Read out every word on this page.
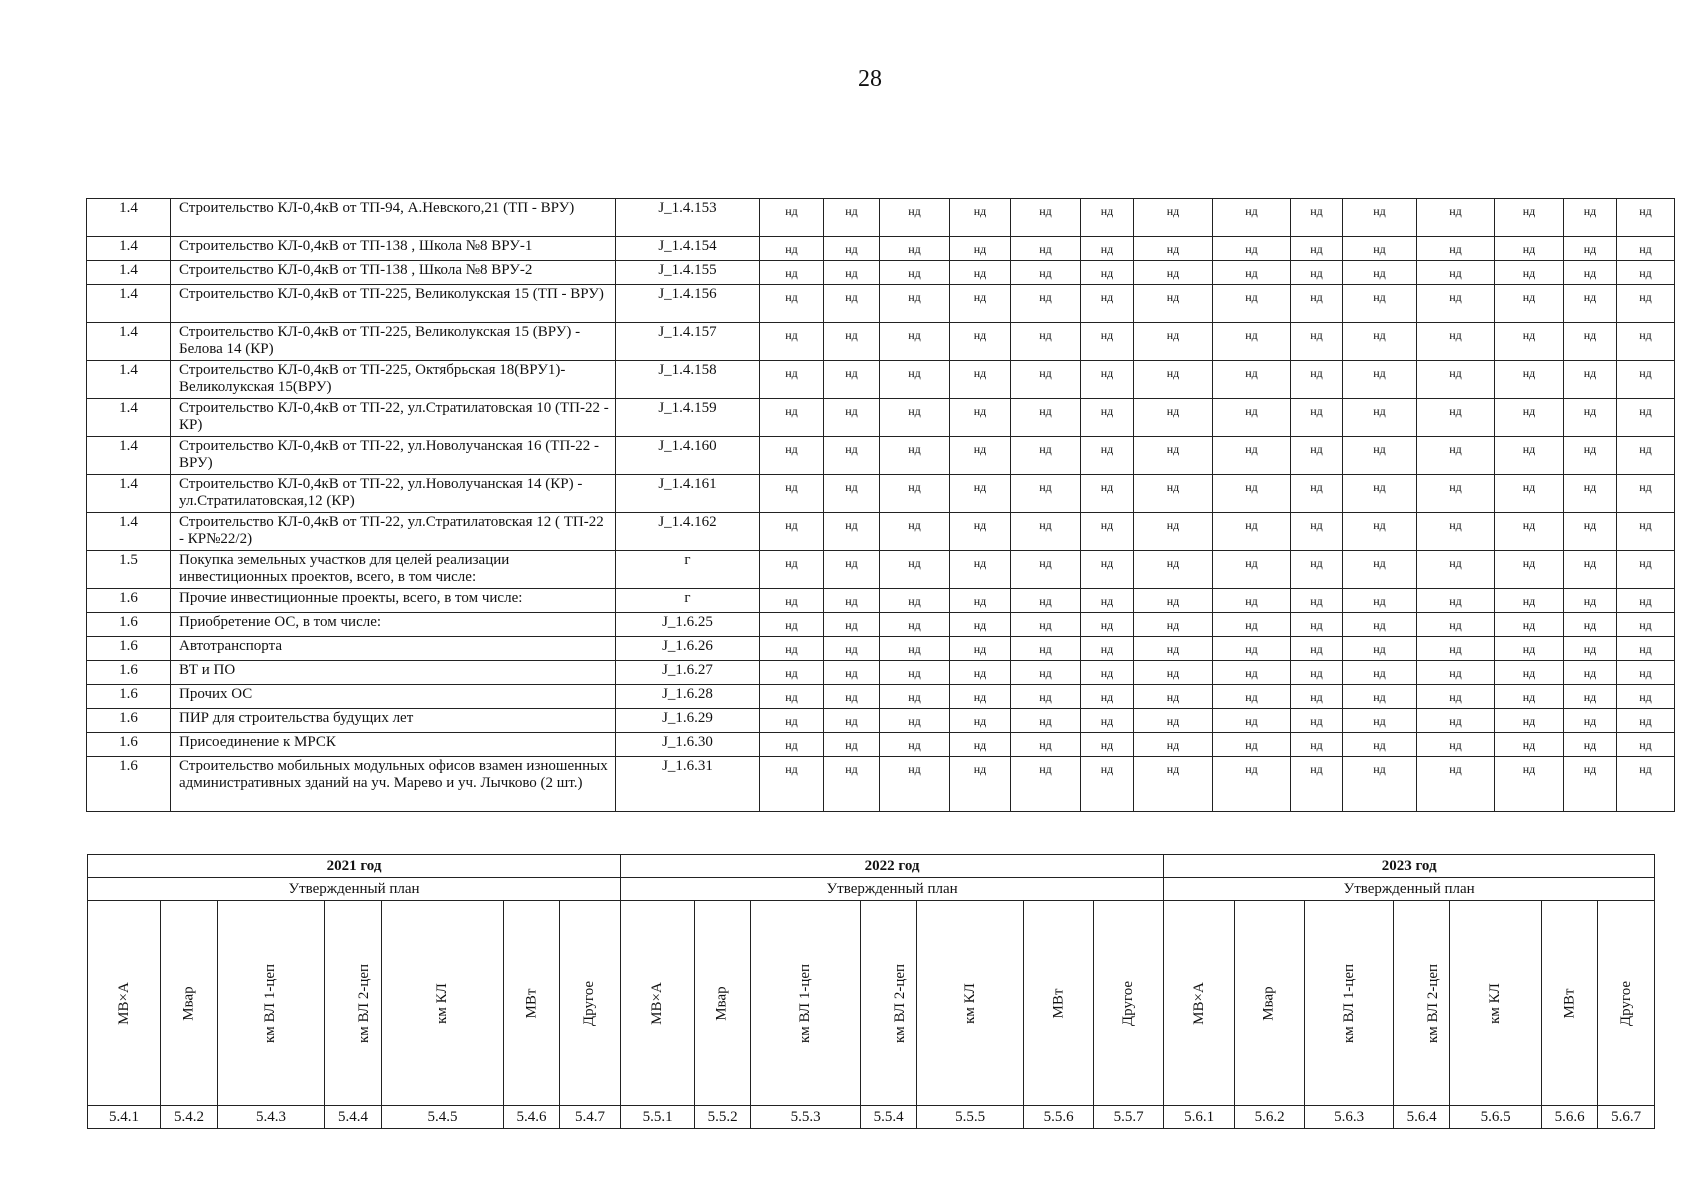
28
1.4	Строительство КЛ-0,4кВ от ТП-94, А.Невского,21 (ТП - ВРУ)	J_1.4.153	нд	нд	нд	нд	нд	нд	нд	нд	нд	нд	нд	нд	нд	нд
1.4	Строительство КЛ-0,4кВ от ТП-138 , Школа №8 ВРУ-1	J_1.4.154	нд	нд	нд	нд	нд	нд	нд	нд	нд	нд	нд	нд	нд	нд
1.4	Строительство КЛ-0,4кВ от ТП-138 , Школа №8 ВРУ-2	J_1.4.155	нд	нд	нд	нд	нд	нд	нд	нд	нд	нд	нд	нд	нд	нд
1.4	Строительство КЛ-0,4кВ от ТП-225, Великолукская 15 (ТП - ВРУ)	J_1.4.156	нд	нд	нд	нд	нд	нд	нд	нд	нд	нд	нд	нд	нд	нд
1.4	Строительство КЛ-0,4кВ от ТП-225, Великолукская 15 (ВРУ) - Белова 14 (КР)	J_1.4.157	нд	нд	нд	нд	нд	нд	нд	нд	нд	нд	нд	нд	нд	нд
1.4	Строительство КЛ-0,4кВ от ТП-225, Октябрьская 18(ВРУ1)-Великолукская 15(ВРУ)	J_1.4.158	нд	нд	нд	нд	нд	нд	нд	нд	нд	нд	нд	нд	нд	нд
1.4	Строительство КЛ-0,4кВ от ТП-22, ул.Стратилатовская 10 (ТП-22 - КР)	J_1.4.159	нд	нд	нд	нд	нд	нд	нд	нд	нд	нд	нд	нд	нд	нд
1.4	Строительство КЛ-0,4кВ от ТП-22, ул.Новолучанская 16 (ТП-22 - ВРУ)	J_1.4.160	нд	нд	нд	нд	нд	нд	нд	нд	нд	нд	нд	нд	нд	нд
1.4	Строительство КЛ-0,4кВ от ТП-22, ул.Новолучанская 14 (КР) - ул.Стратилатовская,12 (КР)	J_1.4.161	нд	нд	нд	нд	нд	нд	нд	нд	нд	нд	нд	нд	нд	нд
1.4	Строительство КЛ-0,4кВ от ТП-22, ул.Стратилатовская 12 ( ТП-22 - КР№22/2)	J_1.4.162	нд	нд	нд	нд	нд	нд	нд	нд	нд	нд	нд	нд	нд	нд
1.5	Покупка земельных участков для целей реализации инвестиционных проектов, всего, в том числе:	г	нд	нд	нд	нд	нд	нд	нд	нд	нд	нд	нд	нд	нд	нд
1.6	Прочие инвестиционные проекты, всего, в том числе:	г	нд	нд	нд	нд	нд	нд	нд	нд	нд	нд	нд	нд	нд	нд
1.6	Приобретение ОС, в том числе:	J_1.6.25	нд	нд	нд	нд	нд	нд	нд	нд	нд	нд	нд	нд	нд	нд
1.6	Автотранспорта	J_1.6.26	нд	нд	нд	нд	нд	нд	нд	нд	нд	нд	нд	нд	нд	нд
1.6	ВТ и ПО	J_1.6.27	нд	нд	нд	нд	нд	нд	нд	нд	нд	нд	нд	нд	нд	нд
1.6	Прочих ОС	J_1.6.28	нд	нд	нд	нд	нд	нд	нд	нд	нд	нд	нд	нд	нд	нд
1.6	ПИР для строительства будущих лет	J_1.6.29	нд	нд	нд	нд	нд	нд	нд	нд	нд	нд	нд	нд	нд	нд
1.6	Присоединение к МРСК	J_1.6.30	нд	нд	нд	нд	нд	нд	нд	нд	нд	нд	нд	нд	нд	нд
1.6	Строительство мобильных модульных офисов взамен изношенных административных зданий на уч. Марево и уч. Лычково (2 шт.)	J_1.6.31	нд	нд	нд	нд	нд	нд	нд	нд	нд	нд	нд	нд	нд	нд
2021 год							2022 год							2023 год						
Утвержденный план							Утвержденный план							Утвержденный план						
МВ×А	Мвар	км ВЛ 1-цеп	км ВЛ 2-цеп	км КЛ	МВт	Другое	МВ×А	Мвар	км ВЛ 1-цеп	км ВЛ 2-цеп	км КЛ	МВт	Другое	МВ×А	Мвар	км ВЛ 1-цеп	км ВЛ 2-цеп	км КЛ	МВт	Другое
5.4.1	5.4.2	5.4.3	5.4.4	5.4.5	5.4.6	5.4.7	5.5.1	5.5.2	5.5.3	5.5.4	5.5.5	5.5.6	5.5.7	5.6.1	5.6.2	5.6.3	5.6.4	5.6.5	5.6.6	5.6.7
